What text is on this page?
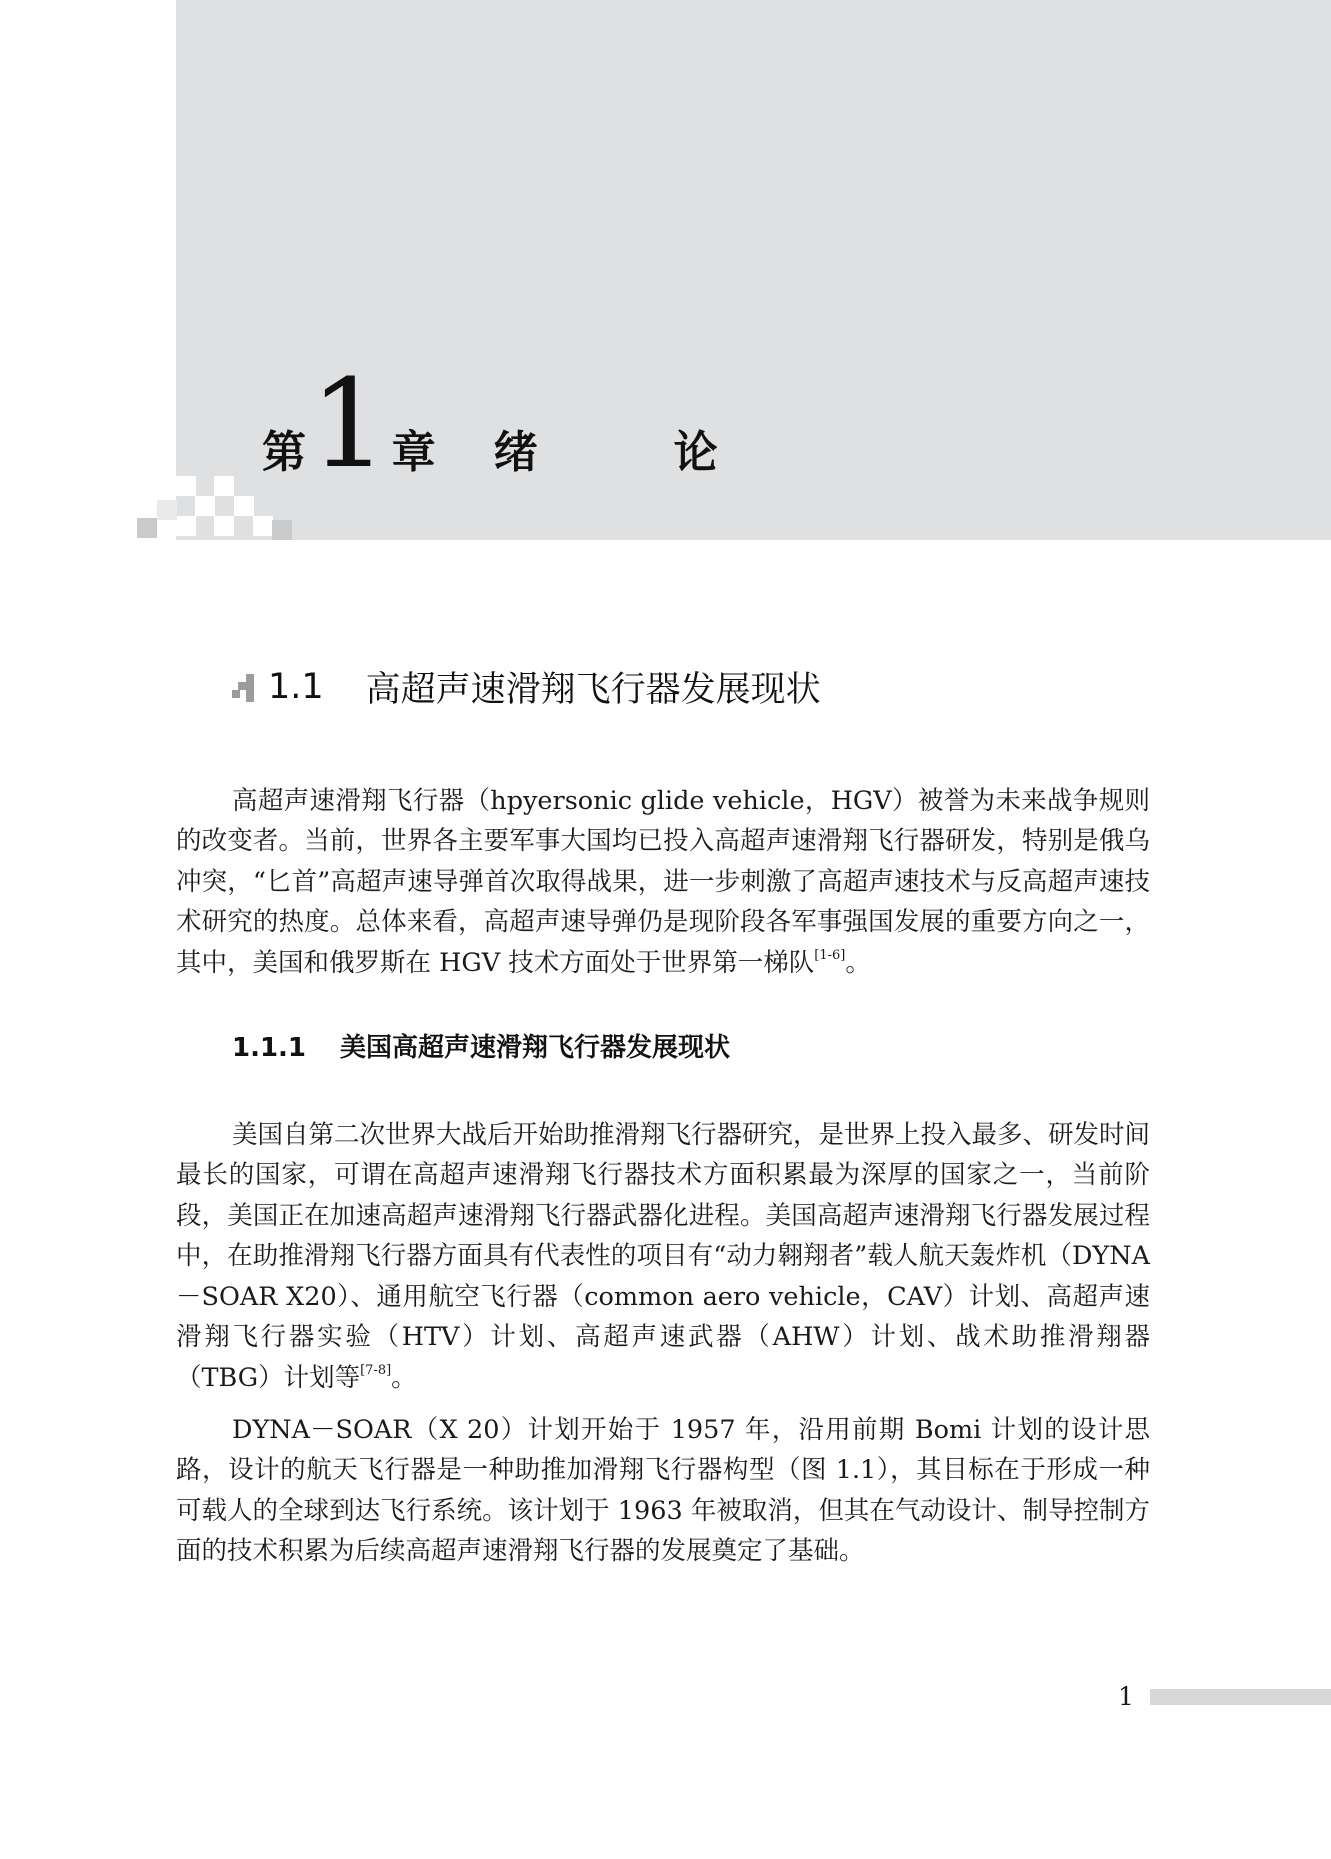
第 1 章 绪　论
1.1 高超声速滑翔飞行器发展现状

高超声速滑翔飞行器（hpyersonic glide vehicle，HGV）被誉为未来战争规则的改变者。当前，世界各主要军事大国均已投入高超声速滑翔飞行器研发，特别是俄乌冲突，“匕首”高超声速导弹首次取得战果，进一步刺激了高超声速技术与反高超声速技术研究的热度。总体来看，高超声速导弹仍是现阶段各军事强国发展的重要方向之一，其中，美国和俄罗斯在 HGV 技术方面处于世界第一梯队[1-6]。

1.1.1 美国高超声速滑翔飞行器发展现状

美国自第二次世界大战后开始助推滑翔飞行器研究，是世界上投入最多、研发时间最长的国家，可谓在高超声速滑翔飞行器技术方面积累最为深厚的国家之一，当前阶段，美国正在加速高超声速滑翔飞行器武器化进程。美国高超声速滑翔飞行器发展过程中，在助推滑翔飞行器方面具有代表性的项目有“动力翱翔者”载人航天轰炸机（DYNA－SOAR X20）、通用航空飞行器（common aero vehicle，CAV）计划、高超声速滑翔飞行器实验（HTV）计划、高超声速武器（AHW）计划、战术助推滑翔器（TBG）计划等[7-8]。

DYNA－SOAR（X 20）计划开始于 1957 年，沿用前期 Bomi 计划的设计思路，设计的航天飞行器是一种助推加滑翔飞行器构型（图 1.1），其目标在于形成一种可载人的全球到达飞行系统。该计划于 1963 年被取消，但其在气动设计、制导控制方面的技术积累为后续高超声速滑翔飞行器的发展奠定了基础。

1
